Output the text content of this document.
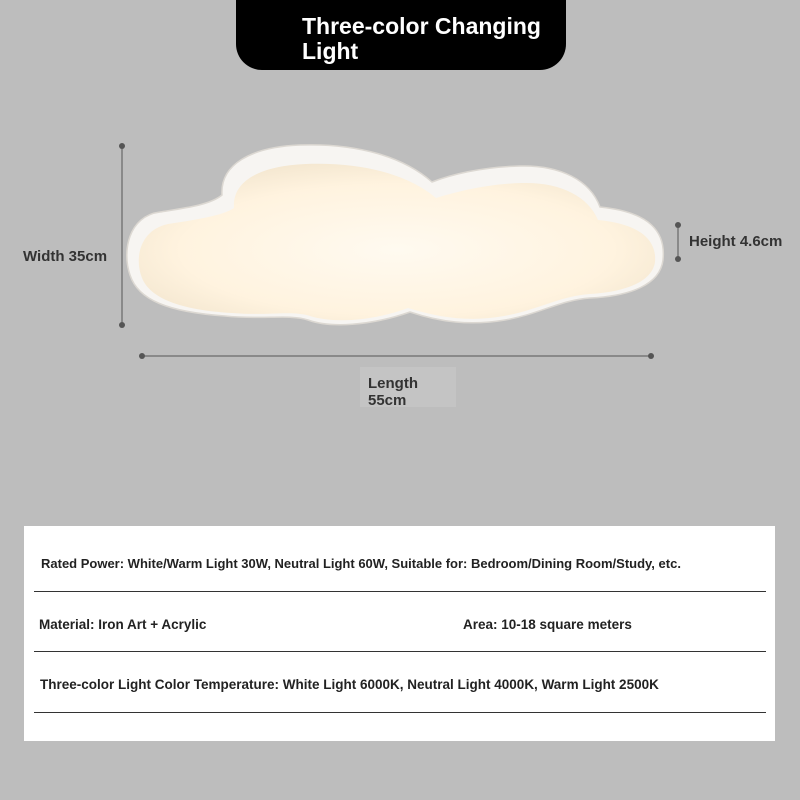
Three-color Changing
Light
Width 35cm
Height 4.6cm
Length
55cm
Rated Power: White/Warm Light 30W, Neutral Light 60W, Suitable for: Bedroom/Dining Room/Study, etc.
Material: Iron Art + Acrylic	Area: 10-18 square meters
Three-color Light Color Temperature: White Light 6000K, Neutral Light 4000K, Warm Light 2500K
